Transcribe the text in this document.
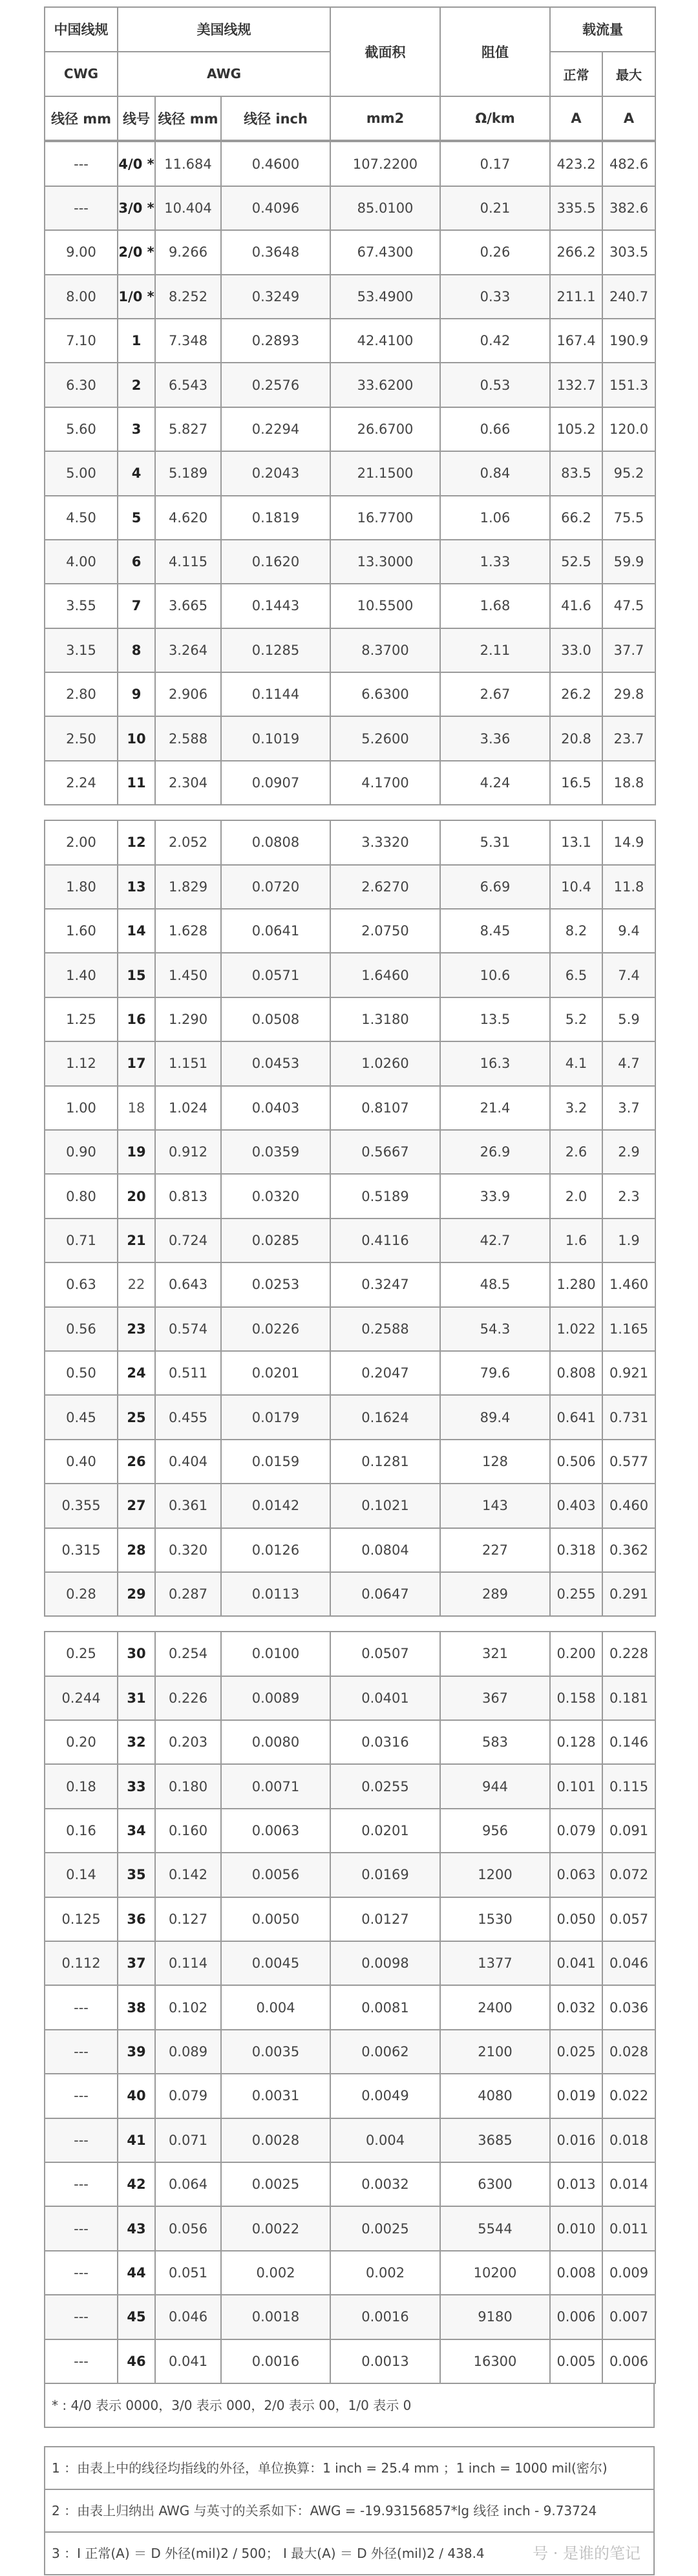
中国线规	美国线规			截面积	阻值	载流量	
CWG	AWG					正常	最大
线径 mm	线号	线径 mm	线径 inch	mm2	Ω/km	A	A
---	4/0 *	11.684	0.4600	107.2200	0.17	423.2	482.6
---	3/0 *	10.404	0.4096	85.0100	0.21	335.5	382.6
9.00	2/0 *	9.266	0.3648	67.4300	0.26	266.2	303.5
8.00	1/0 *	8.252	0.3249	53.4900	0.33	211.1	240.7
7.10	1	7.348	0.2893	42.4100	0.42	167.4	190.9
6.30	2	6.543	0.2576	33.6200	0.53	132.7	151.3
5.60	3	5.827	0.2294	26.6700	0.66	105.2	120.0
5.00	4	5.189	0.2043	21.1500	0.84	83.5	95.2
4.50	5	4.620	0.1819	16.7700	1.06	66.2	75.5
4.00	6	4.115	0.1620	13.3000	1.33	52.5	59.9
3.55	7	3.665	0.1443	10.5500	1.68	41.6	47.5
3.15	8	3.264	0.1285	8.3700	2.11	33.0	37.7
2.80	9	2.906	0.1144	6.6300	2.67	26.2	29.8
2.50	10	2.588	0.1019	5.2600	3.36	20.8	23.7
2.24	11	2.304	0.0907	4.1700	4.24	16.5	18.8
2.00	12	2.052	0.0808	3.3320	5.31	13.1	14.9
1.80	13	1.829	0.0720	2.6270	6.69	10.4	11.8
1.60	14	1.628	0.0641	2.0750	8.45	8.2	9.4
1.40	15	1.450	0.0571	1.6460	10.6	6.5	7.4
1.25	16	1.290	0.0508	1.3180	13.5	5.2	5.9
1.12	17	1.151	0.0453	1.0260	16.3	4.1	4.7
1.00	18	1.024	0.0403	0.8107	21.4	3.2	3.7
0.90	19	0.912	0.0359	0.5667	26.9	2.6	2.9
0.80	20	0.813	0.0320	0.5189	33.9	2.0	2.3
0.71	21	0.724	0.0285	0.4116	42.7	1.6	1.9
0.63	22	0.643	0.0253	0.3247	48.5	1.280	1.460
0.56	23	0.574	0.0226	0.2588	54.3	1.022	1.165
0.50	24	0.511	0.0201	0.2047	79.6	0.808	0.921
0.45	25	0.455	0.0179	0.1624	89.4	0.641	0.731
0.40	26	0.404	0.0159	0.1281	128	0.506	0.577
0.355	27	0.361	0.0142	0.1021	143	0.403	0.460
0.315	28	0.320	0.0126	0.0804	227	0.318	0.362
0.28	29	0.287	0.0113	0.0647	289	0.255	0.291
0.25	30	0.254	0.0100	0.0507	321	0.200	0.228
0.244	31	0.226	0.0089	0.0401	367	0.158	0.181
0.20	32	0.203	0.0080	0.0316	583	0.128	0.146
0.18	33	0.180	0.0071	0.0255	944	0.101	0.115
0.16	34	0.160	0.0063	0.0201	956	0.079	0.091
0.14	35	0.142	0.0056	0.0169	1200	0.063	0.072
0.125	36	0.127	0.0050	0.0127	1530	0.050	0.057
0.112	37	0.114	0.0045	0.0098	1377	0.041	0.046
---	38	0.102	0.004	0.0081	2400	0.032	0.036
---	39	0.089	0.0035	0.0062	2100	0.025	0.028
---	40	0.079	0.0031	0.0049	4080	0.019	0.022
---	41	0.071	0.0028	0.004	3685	0.016	0.018
---	42	0.064	0.0025	0.0032	6300	0.013	0.014
---	43	0.056	0.0022	0.0025	5544	0.010	0.011
---	44	0.051	0.002	0.002	10200	0.008	0.009
---	45	0.046	0.0018	0.0016	9180	0.006	0.007
---	46	0.041	0.0016	0.0013	16300	0.005	0.006
* : 4/0 表示 0000，3/0 表示 000，2/0 表示 00，1/0 表示 0
1 ：由表上中的线径均指线的外径，单位换算：1 inch = 25.4 mm ；1 inch = 1000 mil(密尔)
2 ：由表上归纳出 AWG 与英寸的关系如下：AWG = -19.93156857*lg 线径 inch - 9.73724
3 ：I 正常(A) ＝ D 外径(mil)2 / 500； I 最大(A) ＝ D 外径(mil)2 / 438.4	号 · 是谁的笔记
